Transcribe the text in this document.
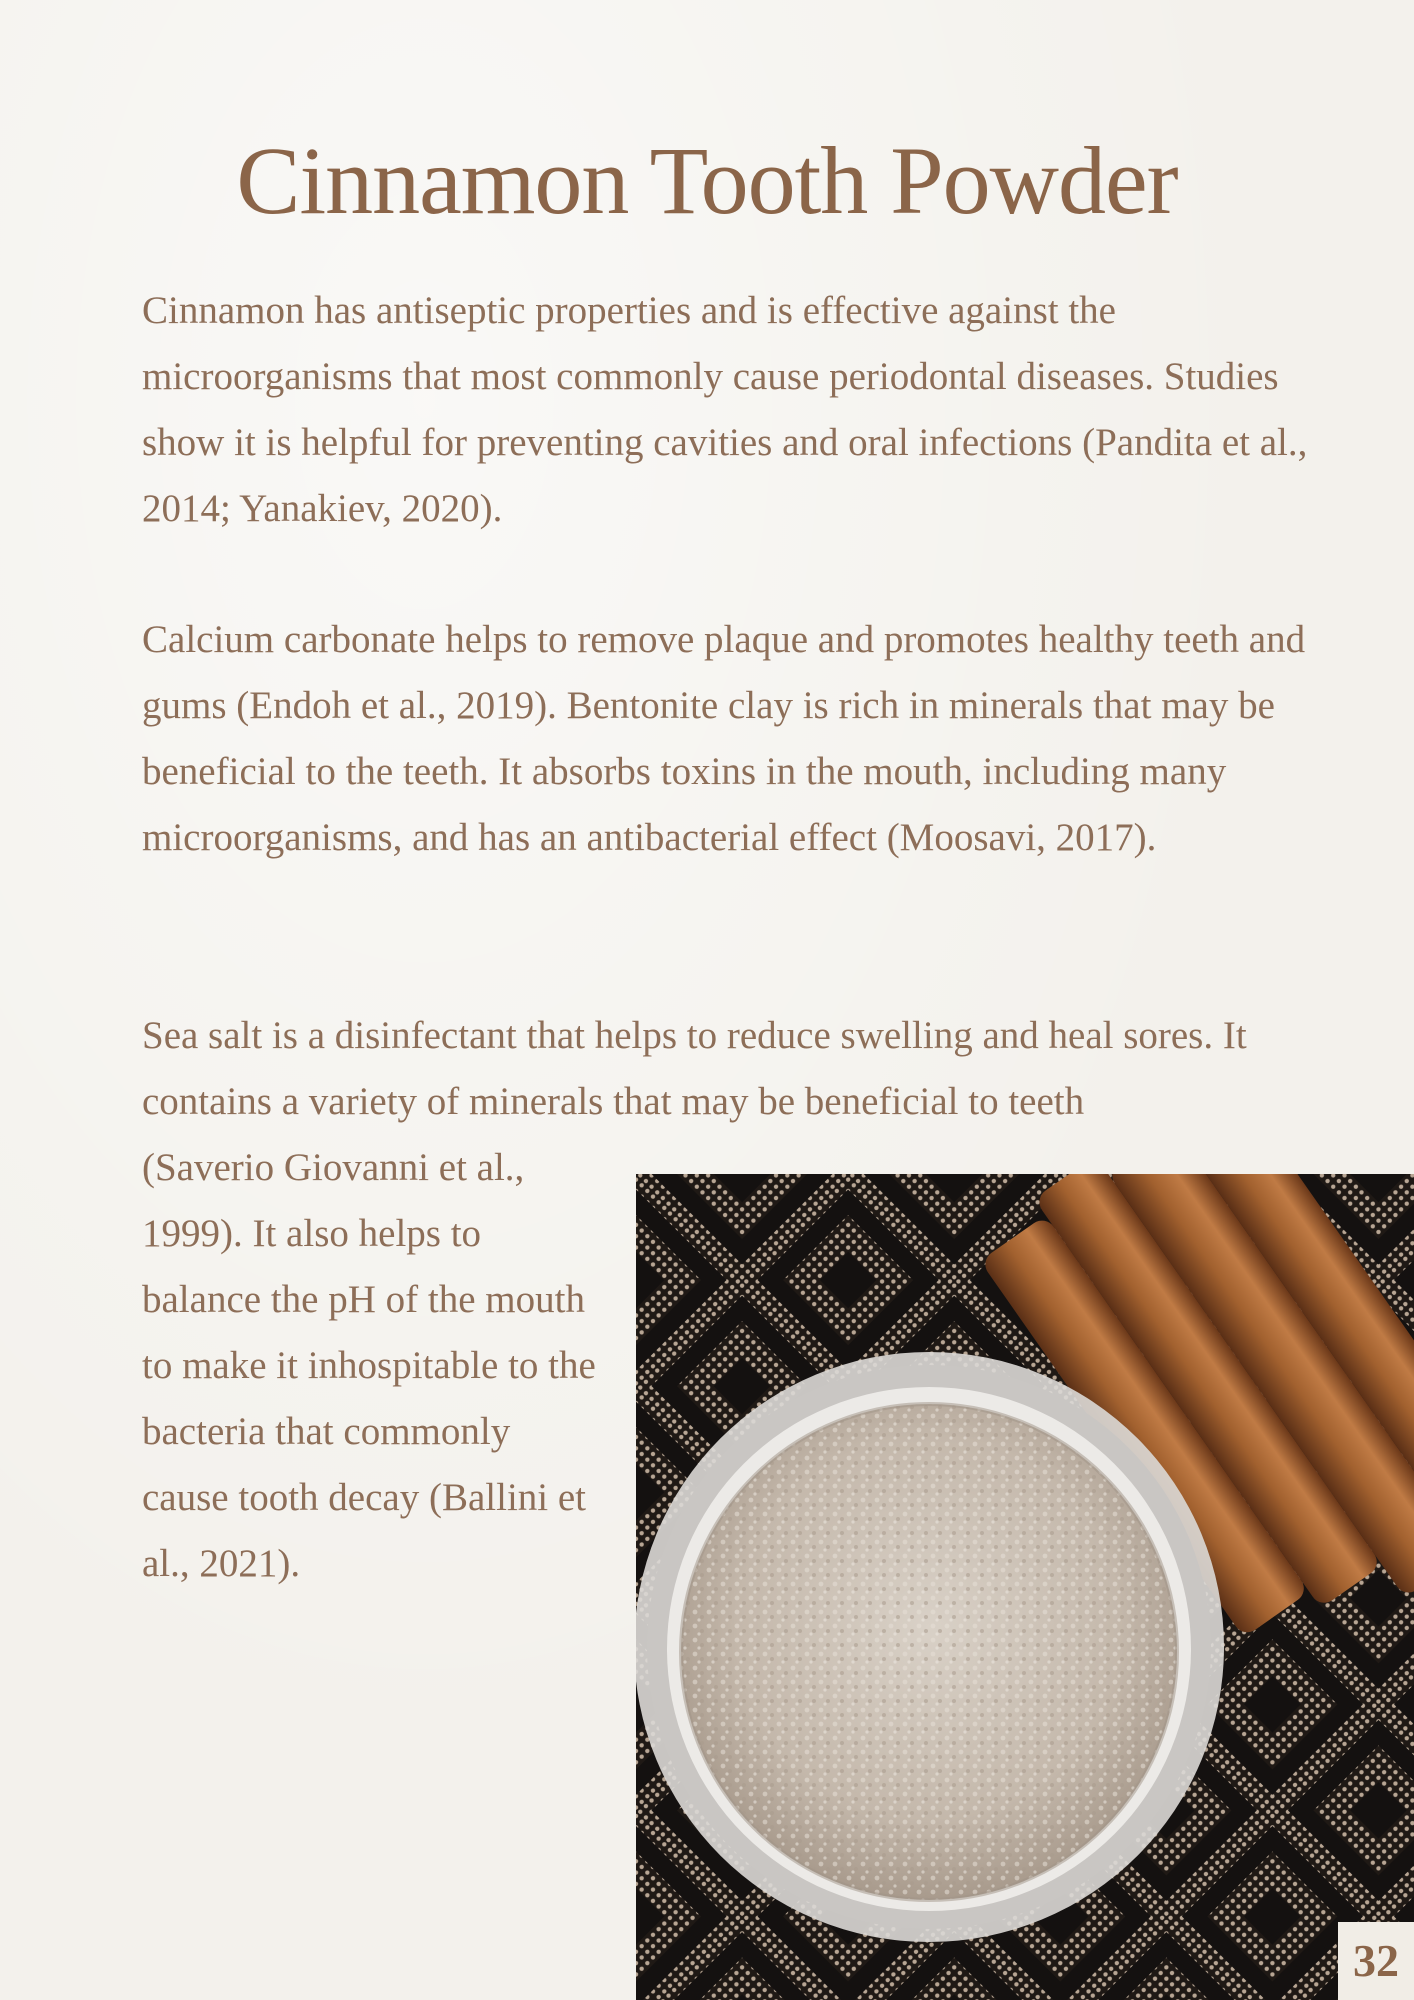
Cinnamon Tooth Powder

Cinnamon has antiseptic properties and is effective against the microorganisms that most commonly cause periodontal diseases. Studies show it is helpful for preventing cavities and oral infections (Pandita et al., 2014; Yanakiev, 2020).

Calcium carbonate helps to remove plaque and promotes healthy teeth and gums (Endoh et al., 2019). Bentonite clay is rich in minerals that may be beneficial to the teeth. It absorbs toxins in the mouth, including many microorganisms, and has an antibacterial effect (Moosavi, 2017).

Sea salt is a disinfectant that helps to reduce swelling and heal sores. It contains a variety of minerals that may be beneficial to teeth

(Saverio Giovanni et al., 1999). It also helps to balance the pH of the mouth to make it inhospitable to the bacteria that commonly cause tooth decay (Ballini et al., 2021).

32
